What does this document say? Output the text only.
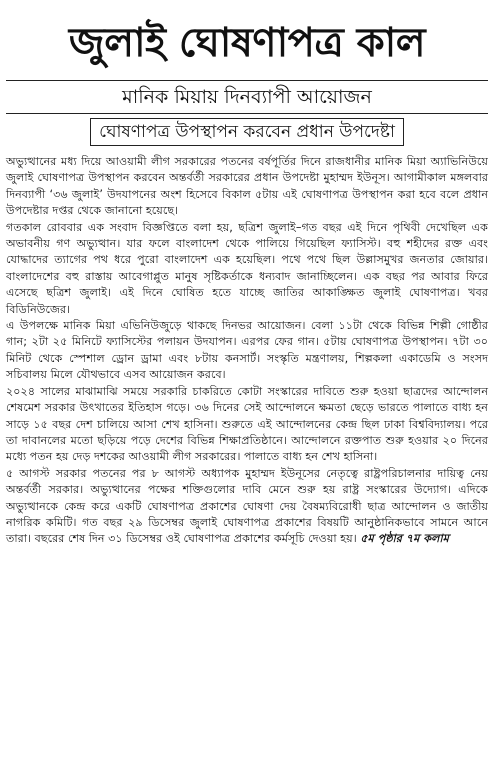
জুলাই ঘোষণাপত্র কাল
মানিক মিয়ায় দিনব্যাপী আয়োজন
ঘোষণাপত্র উপস্থাপন করবেন প্রধান উপদেষ্টা

অভ্যুত্থানের মধ্য দিয়ে আওয়ামী লীগ সরকারের পতনের বর্ষপূর্তির দিনে রাজধানীর মানিক মিয়া অ্যাভিনিউয়ে জুলাই ঘোষণাপত্র উপস্থাপন করবেন অন্তর্বর্তী সরকারের প্রধান উপদেষ্টা মুহাম্মদ ইউনূস। আগামীকাল মঙ্গলবার দিনব্যাপী ‘৩৬ জুলাই’ উদযাপনের অংশ হিসেবে বিকাল ৫টায় এই ঘোষণাপত্র উপস্থাপন করা হবে বলে প্রধান উপদেষ্টার দপ্তর থেকে জানানো হয়েছে।

গতকাল রোববার এক সংবাদ বিজ্ঞপ্তিতে বলা হয়, ছত্রিশ জুলাই–গত বছর এই দিনে পৃথিবী দেখেছিল এক অভাবনীয় গণ অভ্যুত্থান। যার ফলে বাংলাদেশ থেকে পালিয়ে গিয়েছিল ফ্যাসিস্ট। বহু শহীদের রক্ত এবং যোদ্ধাদের ত্যাগের পথ ধরে পুরো বাংলাদেশ এক হয়েছিল। পথে পথে ছিল উল্লাসমুখর জনতার জোয়ার। বাংলাদেশের বহু রাস্তায় আবেগাপ্লুত মানুষ সৃষ্টিকর্তাকে ধন্যবাদ জানাচ্ছিলেন। এক বছর পর আবার ফিরে এসেছে ছত্রিশ জুলাই। এই দিনে ঘোষিত হতে যাচ্ছে জাতির আকাঙ্ক্ষিত জুলাই ঘোষণাপত্র। খবর বিডিনিউজের।

এ উপলক্ষে মানিক মিয়া এভিনিউজুড়ে থাকছে দিনভর আয়োজন। বেলা ১১টা থেকে বিভিন্ন শিল্পী গোষ্ঠীর গান; ২টা ২৫ মিনিটে ফ্যাসিস্টের পলায়ন উদযাপন। এরপর ফের গান। ৫টায় ঘোষণাপত্র উপস্থাপন। ৭টা ৩০ মিনিট থেকে স্পেশাল ড্রোন ড্রামা এবং ৮টায় কনসার্ট। সংস্কৃতি মন্ত্রণালয়, শিল্পকলা একাডেমি ও সংসদ সচিবালয় মিলে যৌথভাবে এসব আয়োজন করবে।

২০২৪ সালের মাঝামাঝি সময়ে সরকারি চাকরিতে কোটা সংস্কারের দাবিতে শুরু হওয়া ছাত্রদের আন্দোলন শেষমেশ সরকার উৎখাতের ইতিহাস গড়ে। ৩৬ দিনের সেই আন্দোলনে ক্ষমতা ছেড়ে ভারতে পালাতে বাধ্য হন সাড়ে ১৫ বছর দেশ চালিয়ে আসা শেখ হাসিনা। শুরুতে এই আন্দোলনের কেন্দ্র ছিল ঢাকা বিশ্ববিদ্যালয়। পরে তা দাবানলের মতো ছড়িয়ে পড়ে দেশের বিভিন্ন শিক্ষাপ্রতিষ্ঠানে। আন্দোলনে রক্তপাত শুরু হওয়ার ২০ দিনের মধ্যে পতন হয় দেড় দশকের আওয়ামী লীগ সরকারের। পালাতে বাধ্য হন শেখ হাসিনা।

৫ আগস্ট সরকার পতনের পর ৮ আগস্ট অধ্যাপক মুহাম্মদ ইউনূসের নেতৃত্বে রাষ্ট্রপরিচালনার দায়িত্ব নেয় অন্তর্বর্তী সরকার। অভ্যুত্থানের পক্ষের শক্তিগুলোর দাবি মেনে শুরু হয় রাষ্ট্র সংস্কারের উদ্যোগ। এদিকে অভ্যুত্থানকে কেন্দ্র করে একটি ঘোষণাপত্র প্রকাশের ঘোষণা দেয় বৈষম্যবিরোধী ছাত্র আন্দোলন ও জাতীয় নাগরিক কমিটি। গত বছর ২৯ ডিসেম্বর জুলাই ঘোষণাপত্র প্রকাশের বিষয়টি আনুষ্ঠানিকভাবে সামনে আনে তারা। বছরের শেষ দিন ৩১ ডিসেম্বর ওই ঘোষণাপত্র প্রকাশের কর্মসূচি দেওয়া হয়। ৫ম পৃষ্ঠার ৭ম কলাম
